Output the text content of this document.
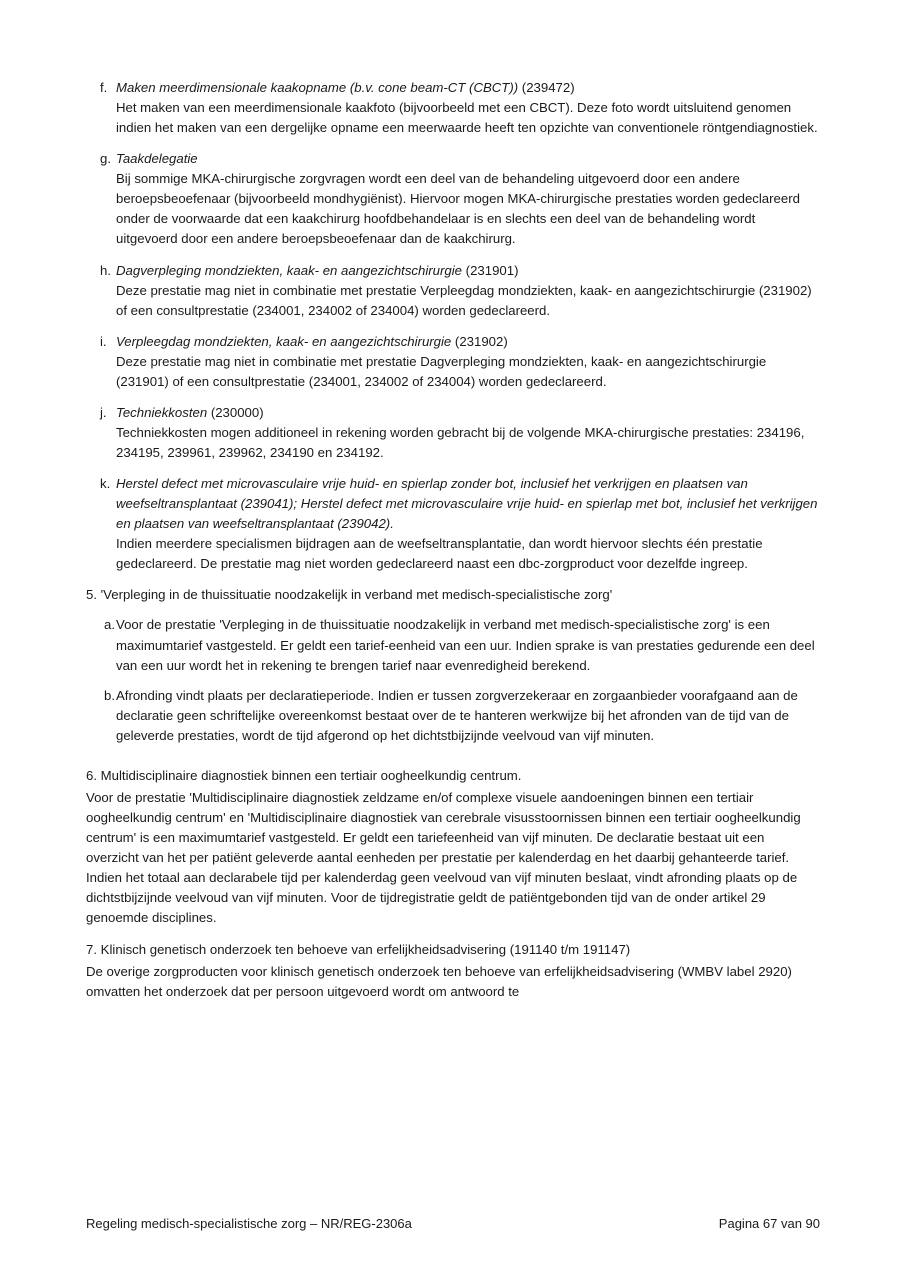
f. Maken meerdimensionale kaakopname (b.v. cone beam-CT (CBCT)) (239472)

Het maken van een meerdimensionale kaakfoto (bijvoorbeeld met een CBCT). Deze foto wordt uitsluitend genomen indien het maken van een dergelijke opname een meerwaarde heeft ten opzichte van conventionele röntgendiagnostiek.

g. Taakdelegatie

Bij sommige MKA-chirurgische zorgvragen wordt een deel van de behandeling uitgevoerd door een andere beroepsbeoefenaar (bijvoorbeeld mondhygiënist). Hiervoor mogen MKA-chirurgische prestaties worden gedeclareerd onder de voorwaarde dat een kaakchirurg hoofdbehandelaar is en slechts een deel van de behandeling wordt uitgevoerd door een andere beroepsbeoefenaar dan de kaakchirurg.

h. Dagverpleging mondziekten, kaak- en aangezichtschirurgie (231901)

Deze prestatie mag niet in combinatie met prestatie Verpleegdag mondziekten, kaak- en aangezichtschirurgie (231902) of een consultprestatie (234001, 234002 of 234004) worden gedeclareerd.

i. Verpleegdag mondziekten, kaak- en aangezichtschirurgie (231902)

Deze prestatie mag niet in combinatie met prestatie Dagverpleging mondziekten, kaak- en aangezichtschirurgie (231901) of een consultprestatie (234001, 234002 of 234004) worden gedeclareerd.

j. Techniekkosten (230000)

Techniekkosten mogen additioneel in rekening worden gebracht bij de volgende MKA-chirurgische prestaties: 234196, 234195, 239961, 239962, 234190 en 234192.

k. Herstel defect met microvasculaire vrije huid- en spierlap zonder bot, inclusief het verkrijgen en plaatsen van weefseltransplantaat (239041); Herstel defect met microvasculaire vrije huid- en spierlap met bot, inclusief het verkrijgen en plaatsen van weefseltransplantaat (239042).

Indien meerdere specialismen bijdragen aan de weefseltransplantatie, dan wordt hiervoor slechts één prestatie gedeclareerd. De prestatie mag niet worden gedeclareerd naast een dbc-zorgproduct voor dezelfde ingreep.

5. 'Verpleging in de thuissituatie noodzakelijk in verband met medisch-specialistische zorg'

a. Voor de prestatie 'Verpleging in de thuissituatie noodzakelijk in verband met medisch-specialistische zorg' is een maximumtarief vastgesteld. Er geldt een tarief-eenheid van een uur. Indien sprake is van prestaties gedurende een deel van een uur wordt het in rekening te brengen tarief naar evenredigheid berekend.

b. Afronding vindt plaats per declaratieperiode. Indien er tussen zorgverzekeraar en zorgaanbieder voorafgaand aan de declaratie geen schriftelijke overeenkomst bestaat over de te hanteren werkwijze bij het afronden van de tijd van de geleverde prestaties, wordt de tijd afgerond op het dichtstbijzijnde veelvoud van vijf minuten.

6. Multidisciplinaire diagnostiek binnen een tertiair oogheelkundig centrum.

Voor de prestatie 'Multidisciplinaire diagnostiek zeldzame en/of complexe visuele aandoeningen binnen een tertiair oogheelkundig centrum' en 'Multidisciplinaire diagnostiek van cerebrale visusstoornissen binnen een tertiair oogheelkundig centrum' is een maximumtarief vastgesteld. Er geldt een tariefeenheid van vijf minuten. De declaratie bestaat uit een overzicht van het per patiënt geleverde aantal eenheden per prestatie per kalenderdag en het daarbij gehanteerde tarief. Indien het totaal aan declarabele tijd per kalenderdag geen veelvoud van vijf minuten beslaat, vindt afronding plaats op de dichtstbijzijnde veelvoud van vijf minuten. Voor de tijdregistratie geldt de patiëntgebonden tijd van de onder artikel 29 genoemde disciplines.

7. Klinisch genetisch onderzoek ten behoeve van erfelijkheidsadvisering (191140 t/m 191147)

De overige zorgproducten voor klinisch genetisch onderzoek ten behoeve van erfelijkheidsadvisering (WMBV label 2920) omvatten het onderzoek dat per persoon uitgevoerd wordt om antwoord te

Regeling medisch-specialistische zorg – NR/REG-2306a	Pagina 67 van 90
